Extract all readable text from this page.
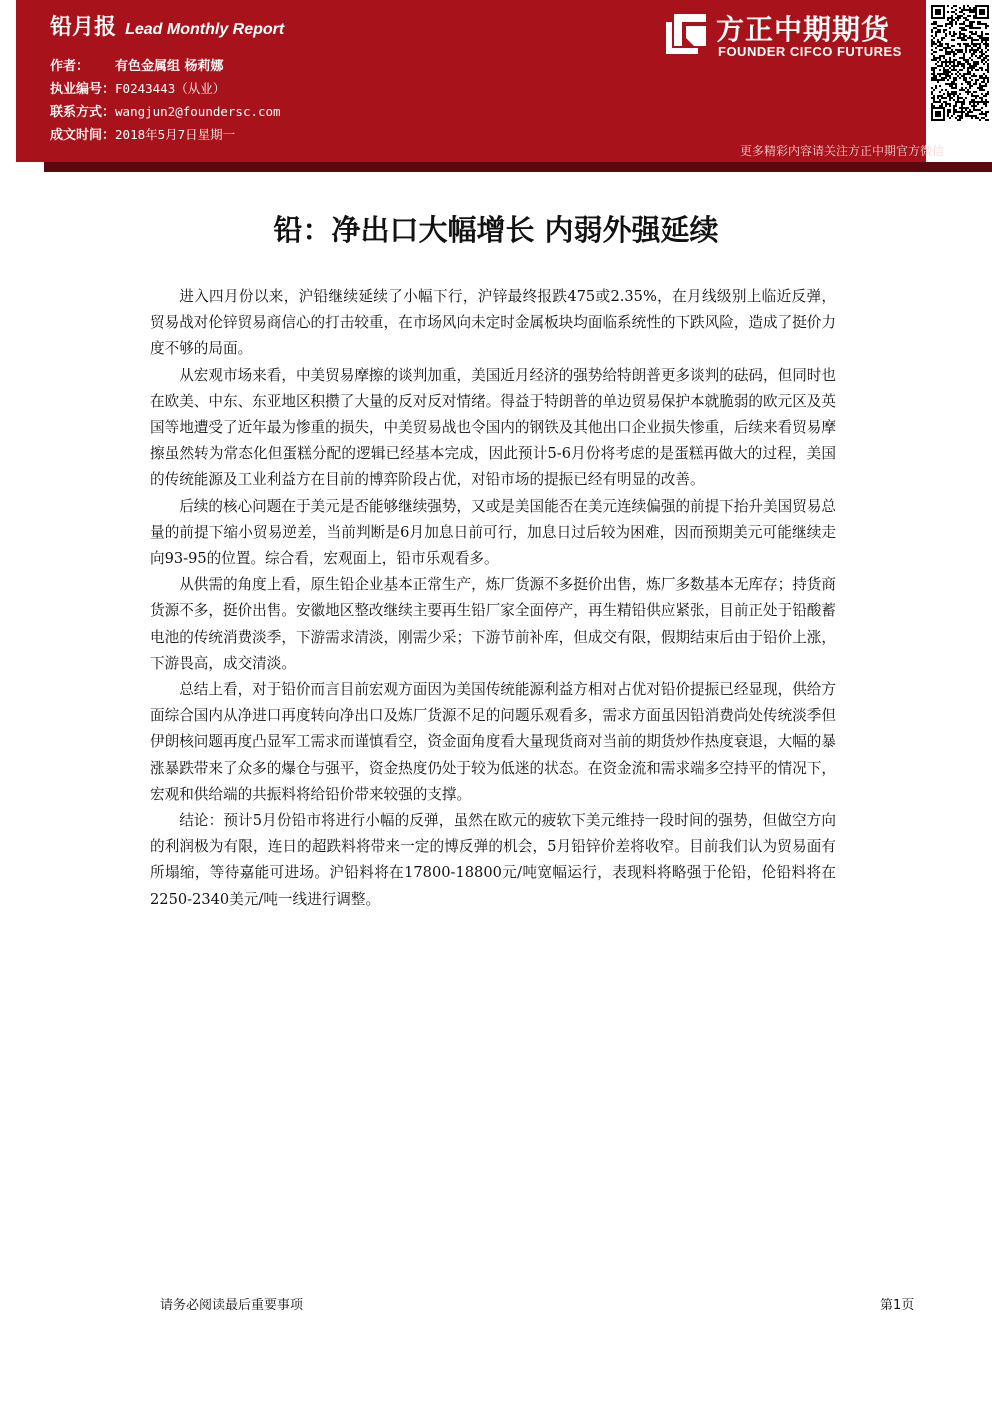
铅月报 Lead Monthly Report
作者： 有色金属组 杨莉娜
执业编号：F0243443（从业）
联系方式：wangjun2@foundersc.com
成文时间：2018年5月7日星期一
方正中期期货
FOUNDER CIFCO FUTURES
更多精彩内容请关注方正中期官方微信
铅：净出口大幅增长 内弱外强延续

进入四月份以来，沪铅继续延续了小幅下行，沪锌最终报跌475或2.35%，在月线级别上临近反弹，贸易战对伦锌贸易商信心的打击较重，在市场风向未定时金属板块均面临系统性的下跌风险，造成了挺价力度不够的局面。

从宏观市场来看，中美贸易摩擦的谈判加重，美国近月经济的强势给特朗普更多谈判的砝码，但同时也在欧美、中东、东亚地区积攒了大量的反对反对情绪。得益于特朗普的单边贸易保护本就脆弱的欧元区及英国等地遭受了近年最为惨重的损失，中美贸易战也令国内的钢铁及其他出口企业损失惨重，后续来看贸易摩擦虽然转为常态化但蛋糕分配的逻辑已经基本完成，因此预计5-6月份将考虑的是蛋糕再做大的过程，美国的传统能源及工业利益方在目前的博弈阶段占优，对铅市场的提振已经有明显的改善。

后续的核心问题在于美元是否能够继续强势，又或是美国能否在美元连续偏强的前提下抬升美国贸易总量的前提下缩小贸易逆差，当前判断是6月加息日前可行，加息日过后较为困难，因而预期美元可能继续走向93-95的位置。综合看，宏观面上，铅市乐观看多。

从供需的角度上看，原生铅企业基本正常生产，炼厂货源不多挺价出售，炼厂多数基本无库存；持货商货源不多，挺价出售。安徽地区整改继续主要再生铅厂家全面停产，再生精铅供应紧张，目前正处于铅酸蓄电池的传统消费淡季，下游需求清淡，刚需少采；下游节前补库，但成交有限，假期结束后由于铅价上涨，下游畏高，成交清淡。

总结上看，对于铅价而言目前宏观方面因为美国传统能源利益方相对占优对铅价提振已经显现，供给方面综合国内从净进口再度转向净出口及炼厂货源不足的问题乐观看多，需求方面虽因铅消费尚处传统淡季但伊朗核问题再度凸显军工需求而谨慎看空，资金面角度看大量现货商对当前的期货炒作热度衰退，大幅的暴涨暴跌带来了众多的爆仓与强平，资金热度仍处于较为低迷的状态。在资金流和需求端多空持平的情况下，宏观和供给端的共振料将给铅价带来较强的支撑。

结论：预计5月份铅市将进行小幅的反弹，虽然在欧元的疲软下美元维持一段时间的强势，但做空方向的利润极为有限，连日的超跌料将带来一定的博反弹的机会，5月铅锌价差将收窄。目前我们认为贸易面有所塌缩，等待嘉能可进场。沪铅料将在17800-18800元/吨宽幅运行，表现料将略强于伦铅，伦铅料将在2250-2340美元/吨一线进行调整。

请务必阅读最后重要事项	第1页
